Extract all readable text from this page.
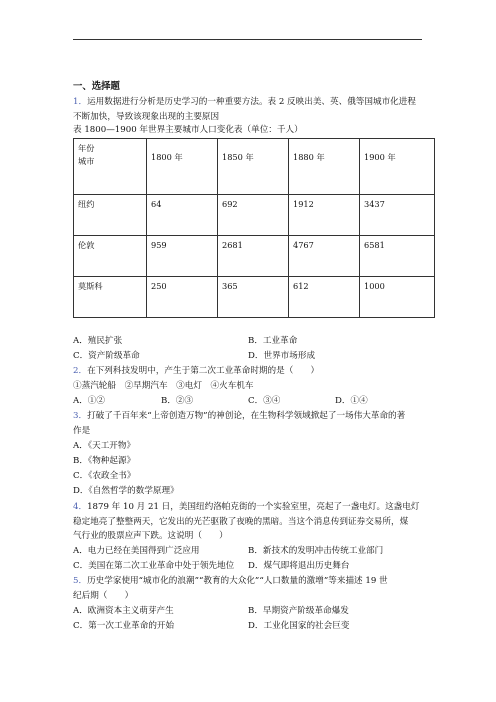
一、选择题
1．运用数据进行分析是历史学习的一种重要方法。表 2 反映出美、英、俄等国城市化进程
不断加快，导致该现象出现的主要原因
表 1800—1900 年世界主要城市人口变化表（单位：千人）
年份
城市	1800 年	1850 年	1880 年	1900 年
纽约	64	692	1912	3437
伦敦	959	2681	4767	6581
莫斯科	250	365	612	1000
A．殖民扩张	B．工业革命
C．资产阶级革命	D．世界市场形成
2．在下列科技发明中，产生于第二次工业革命时期的是（　　）
①蒸汽轮船　②早期汽车　③电灯　④火车机车
A．①②	B．②③	C．③④	D．①④
3．打破了千百年来“上帝创造万物”的神创论，在生物科学领域掀起了一场伟大革命的著
作是
A．《天工开物》
B．《物种起源》
C．《农政全书》
D．《自然哲学的数学原理》
4．1879 年 10 月 21 日，美国纽约洛帕克街的一个实验室里，亮起了一盏电灯。这盏电灯
稳定地亮了整整两天，它发出的光芒驱散了夜晚的黑暗。当这个消息传到证券交易所，煤
气行业的股票应声下跌。这说明（　　）
A．电力已经在美国得到广泛应用	B．新技术的发明冲击传统工业部门
C．美国在第二次工业革命中处于领先地位 D．煤气即将退出历史舞台
5．历史学家使用“城市化的浪潮”“教育的大众化”“人口数量的激增”等来描述 19 世
纪后期（　　）
A．欧洲资本主义萌芽产生	B．早期资产阶级革命爆发
C．第一次工业革命的开始	D．工业化国家的社会巨变
